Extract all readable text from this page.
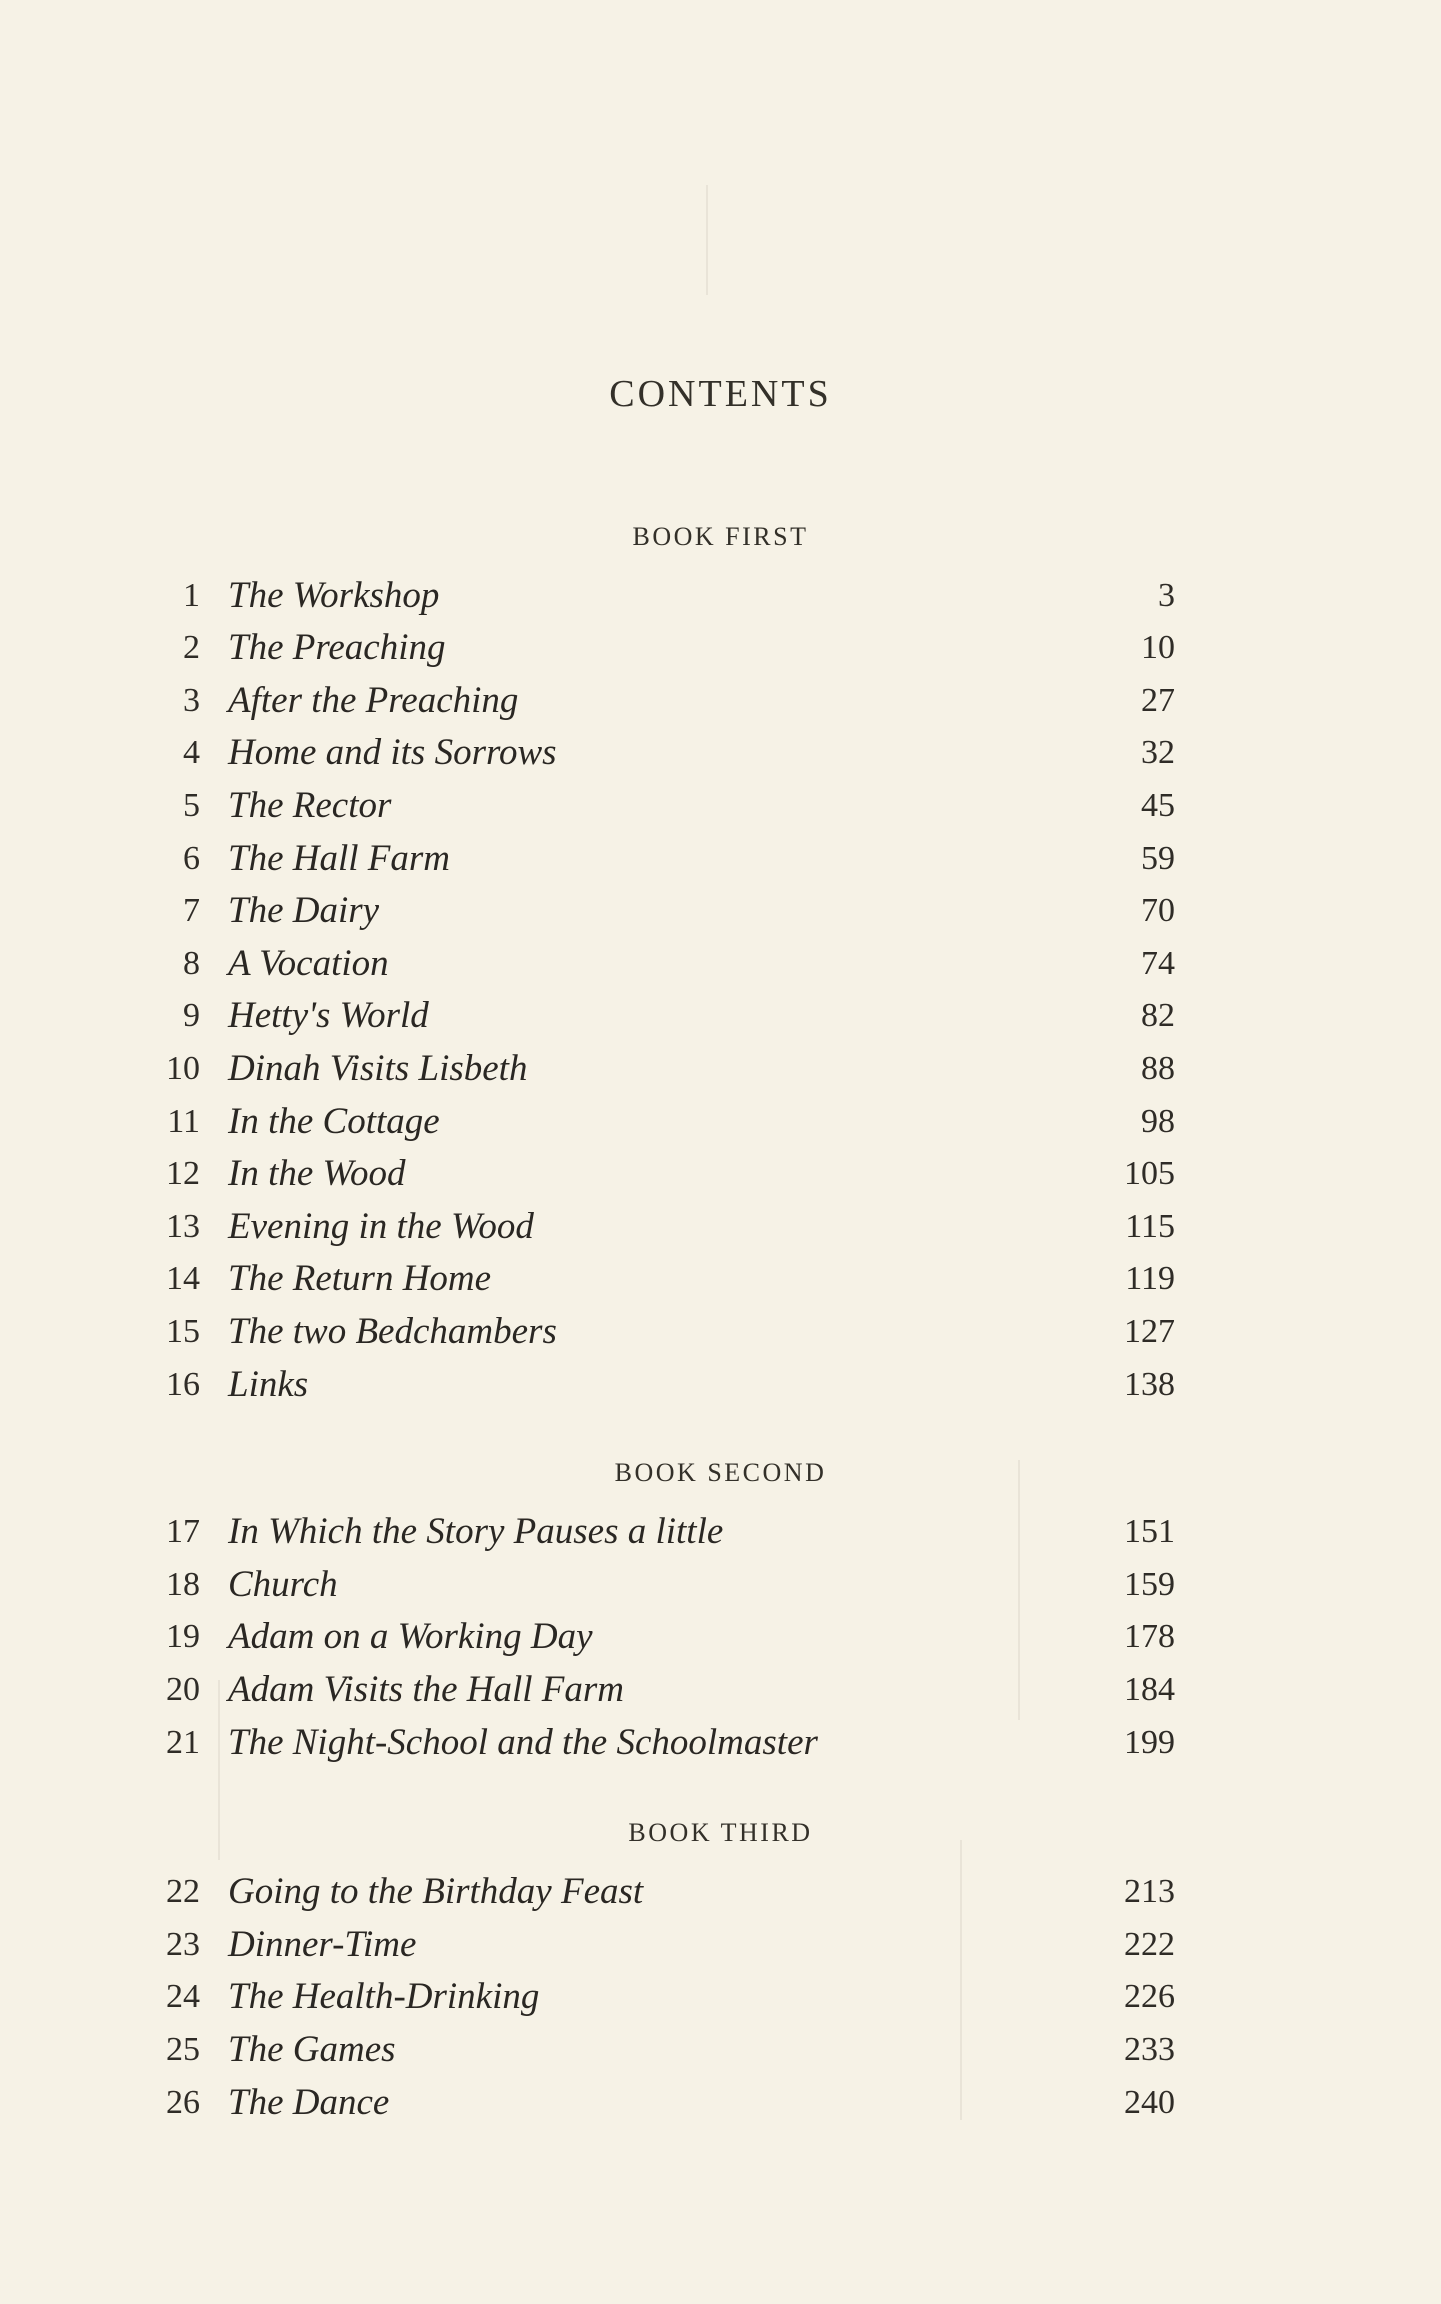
CONTENTS
BOOK FIRST
1 The Workshop	3
2 The Preaching	10
3 After the Preaching	27
4 Home and its Sorrows	32
5 The Rector	45
6 The Hall Farm	59
7 The Dairy	70
8 A Vocation	74
9 Hetty's World	82
10 Dinah Visits Lisbeth	88
11 In the Cottage	98
12 In the Wood	105
13 Evening in the Wood	115
14 The Return Home	119
15 The two Bedchambers	127
16 Links	138
BOOK SECOND
17 In Which the Story Pauses a little	151
18 Church	159
19 Adam on a Working Day	178
20 Adam Visits the Hall Farm	184
21 The Night-School and the Schoolmaster	199
BOOK THIRD
22 Going to the Birthday Feast	213
23 Dinner-Time	222
24 The Health-Drinking	226
25 The Games	233
26 The Dance	240
